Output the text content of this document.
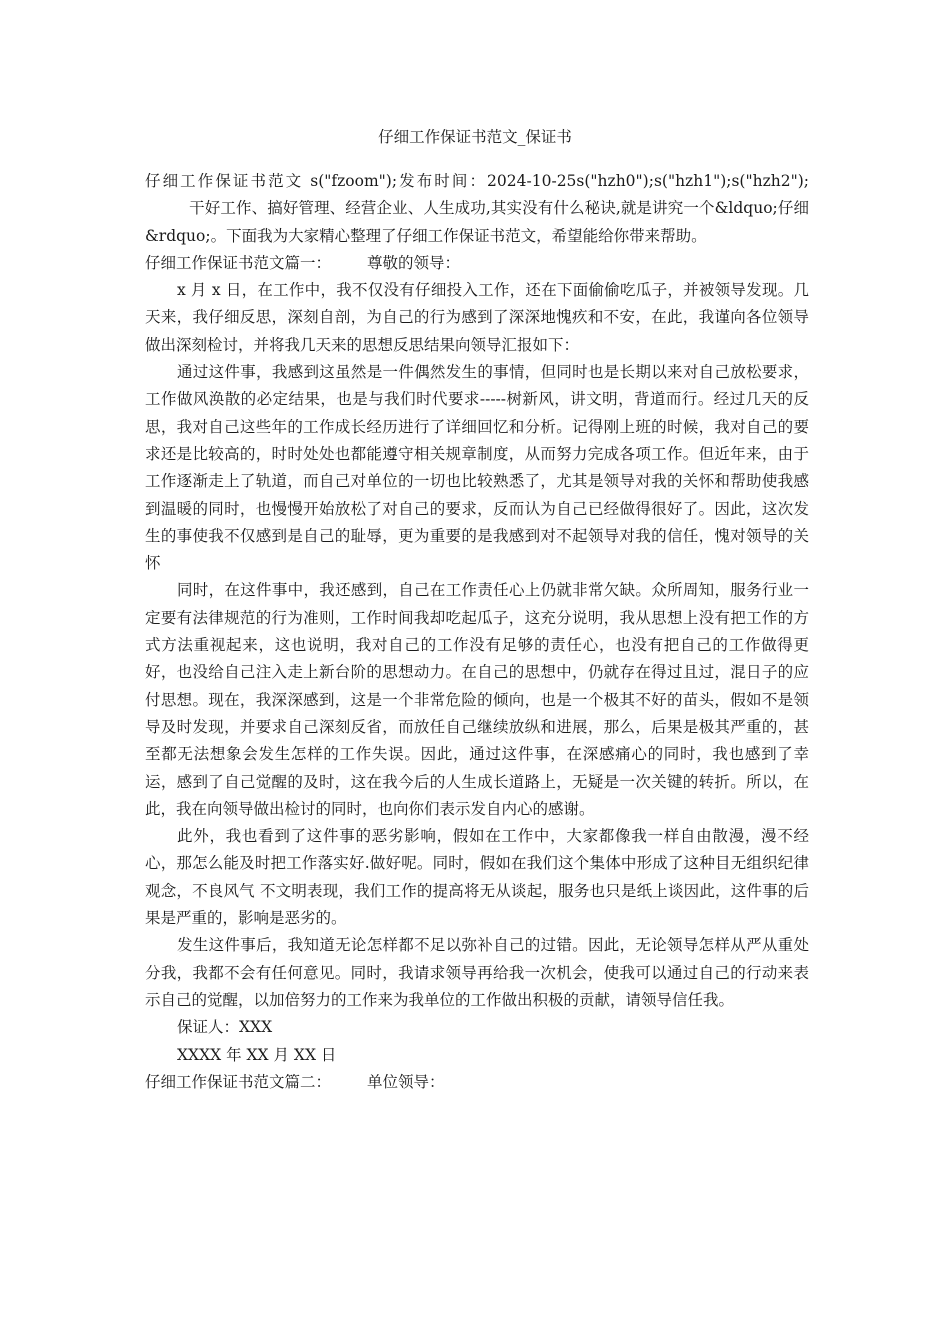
仔细工作保证书范文_保证书

仔细工作保证书范文 s("fzoom");发布时间：2024-10-25s("hzh0");s("hzh1");s("hzh2");干好工作、搞好管理、经营企业、人生成功,其实没有什么秘诀,就是讲究一个&ldquo;仔细&rdquo;。下面我为大家精心整理了仔细工作保证书范文，希望能给你带来帮助。

仔细工作保证书范文篇一： 尊敬的领导：

x 月 x 日，在工作中，我不仅没有仔细投入工作，还在下面偷偷吃瓜子，并被领导发现。几天来，我仔细反思，深刻自剖，为自己的行为感到了深深地愧疚和不安，在此，我谨向各位领导做出深刻检讨，并将我几天来的思想反思结果向领导汇报如下：

通过这件事，我感到这虽然是一件偶然发生的事情，但同时也是长期以来对自己放松要求，工作做风涣散的必定结果，也是与我们时代要求-----树新风，讲文明，背道而行。经过几天的反思，我对自己这些年的工作成长经历进行了详细回忆和分析。记得刚上班的时候，我对自己的要求还是比较高的，时时处处也都能遵守相关规章制度，从而努力完成各项工作。但近年来，由于工作逐渐走上了轨道，而自己对单位的一切也比较熟悉了，尤其是领导对我的关怀和帮助使我感到温暖的同时，也慢慢开始放松了对自己的要求，反而认为自己已经做得很好了。因此，这次发生的事使我不仅感到是自己的耻辱，更为重要的是我感到对不起领导对我的信任，愧对领导的关怀

同时，在这件事中，我还感到，自己在工作责任心上仍就非常欠缺。众所周知，服务行业一定要有法律规范的行为准则，工作时间我却吃起瓜子，这充分说明，我从思想上没有把工作的方式方法重视起来，这也说明，我对自己的工作没有足够的责任心，也没有把自己的工作做得更好，也没给自己注入走上新台阶的思想动力。在自己的思想中，仍就存在得过且过，混日子的应付思想。现在，我深深感到，这是一个非常危险的倾向，也是一个极其不好的苗头，假如不是领导及时发现，并要求自己深刻反省，而放任自己继续放纵和进展，那么，后果是极其严重的，甚至都无法想象会发生怎样的工作失误。因此，通过这件事，在深感痛心的同时，我也感到了幸运，感到了自己觉醒的及时，这在我今后的人生成长道路上，无疑是一次关键的转折。所以，在此，我在向领导做出检讨的同时，也向你们表示发自内心的感谢。

此外，我也看到了这件事的恶劣影响，假如在工作中，大家都像我一样自由散漫，漫不经心，那怎么能及时把工作落实好.做好呢。同时，假如在我们这个集体中形成了这种目无组织纪律观念，不良风气 不文明表现，我们工作的提高将无从谈起，服务也只是纸上谈因此，这件事的后果是严重的，影响是恶劣的。

发生这件事后，我知道无论怎样都不足以弥补自己的过错。因此，无论领导怎样从严从重处分我，我都不会有任何意见。同时，我请求领导再给我一次机会，使我可以通过自己的行动来表示自己的觉醒，以加倍努力的工作来为我单位的工作做出积极的贡献，请领导信任我。

保证人：XXX

XXXX 年 XX 月 XX 日

仔细工作保证书范文篇二： 单位领导：
